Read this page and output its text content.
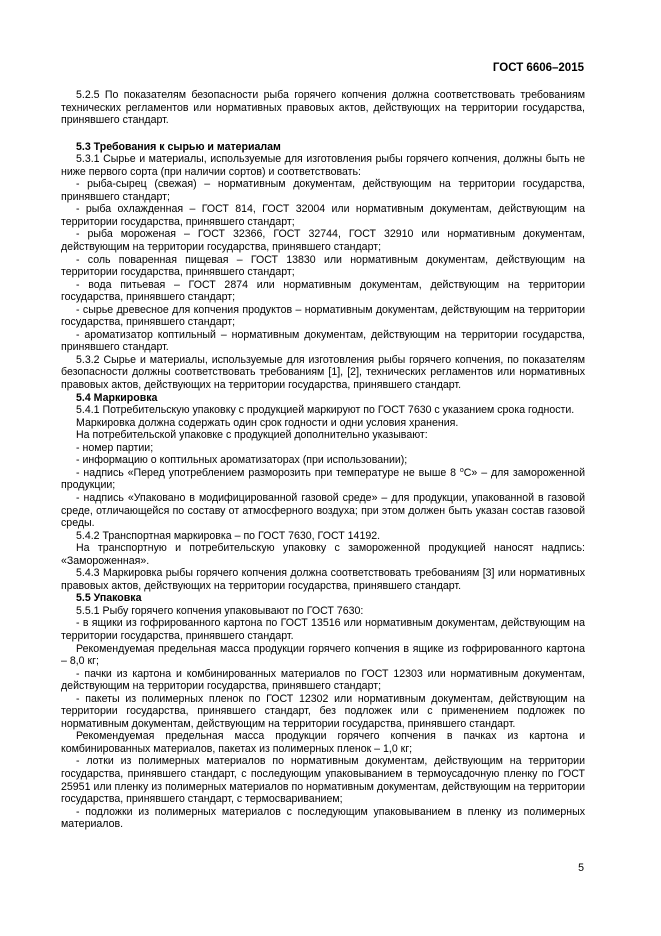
ГОСТ 6606–2015

5.2.5 По показателям безопасности рыба горячего копчения должна соответствовать требованиям технических регламентов или нормативных правовых актов, действующих на территории государства, принявшего стандарт.

5.3 Требования к сырью и материалам

5.3.1 Сырье и материалы, используемые для изготовления рыбы горячего копчения, должны быть не ниже первого сорта (при наличии сортов) и соответствовать:

- рыба-сырец (свежая) – нормативным документам, действующим на территории государства, принявшего стандарт;

- рыба охлажденная – ГОСТ 814, ГОСТ 32004 или нормативным документам, действующим на территории государства, принявшего стандарт;

- рыба мороженая – ГОСТ 32366, ГОСТ 32744, ГОСТ 32910 или нормативным документам, действующим на территории государства, принявшего стандарт;

- соль поваренная пищевая – ГОСТ 13830 или нормативным документам, действующим на территории государства, принявшего стандарт;

- вода питьевая – ГОСТ 2874 или нормативным документам, действующим на территории государства, принявшего стандарт;

- сырье древесное для копчения продуктов – нормативным документам, действующим на территории государства, принявшего стандарт;

- ароматизатор коптильный – нормативным документам, действующим на территории государства, принявшего стандарт.

5.3.2 Сырье и материалы, используемые для изготовления рыбы горячего копчения, по показателям безопасности должны соответствовать требованиям [1], [2], технических регламентов или нормативных правовых актов, действующих на территории государства, принявшего стандарт.

5.4 Маркировка

5.4.1 Потребительскую упаковку с продукцией маркируют по ГОСТ 7630 с указанием срока годности.

Маркировка должна содержать один срок годности и одни условия хранения.

На потребительской упаковке с продукцией дополнительно указывают:

- номер партии;

- информацию о коптильных ароматизаторах (при использовании);

- надпись «Перед употреблением разморозить при температуре не выше 8 $^о$С» – для замороженной продукции;

- надпись «Упаковано в модифицированной газовой среде» – для продукции, упакованной в газовой среде, отличающейся по составу от атмосферного воздуха; при этом должен быть указан состав газовой среды.

5.4.2 Транспортная маркировка – по ГОСТ 7630, ГОСТ 14192.

На транспортную и потребительскую упаковку с замороженной продукцией наносят надпись: «Замороженная».

5.4.3 Маркировка рыбы горячего копчения должна соответствовать требованиям [3] или нормативных правовых актов, действующих на территории государства, принявшего стандарт.

5.5 Упаковка

5.5.1 Рыбу горячего копчения упаковывают по ГОСТ 7630:

- в ящики из гофрированного картона по ГОСТ 13516 или нормативным документам, действующим на территории государства, принявшего стандарт.

Рекомендуемая предельная масса продукции горячего копчения в ящике из гофрированного картона – 8,0 кг;

- пачки из картона и комбинированных материалов по ГОСТ 12303 или нормативным документам, действующим на территории государства, принявшего стандарт;

- пакеты из полимерных пленок по ГОСТ 12302 или нормативным документам, действующим на территории государства, принявшего стандарт, без подложек или с применением подложек по нормативным документам, действующим на территории государства, принявшего стандарт.

Рекомендуемая предельная масса продукции горячего копчения в пачках из картона и комбинированных материалов, пакетах из полимерных пленок – 1,0 кг;

- лотки из полимерных материалов по нормативным документам, действующим на территории государства, принявшего стандарт, с последующим упаковыванием в термоусадочную пленку по ГОСТ 25951 или пленку из полимерных материалов по нормативным документам, действующим на территории государства, принявшего стандарт, с термосвариванием;

- подложки из полимерных материалов с последующим упаковыванием в пленку из полимерных материалов.

5
